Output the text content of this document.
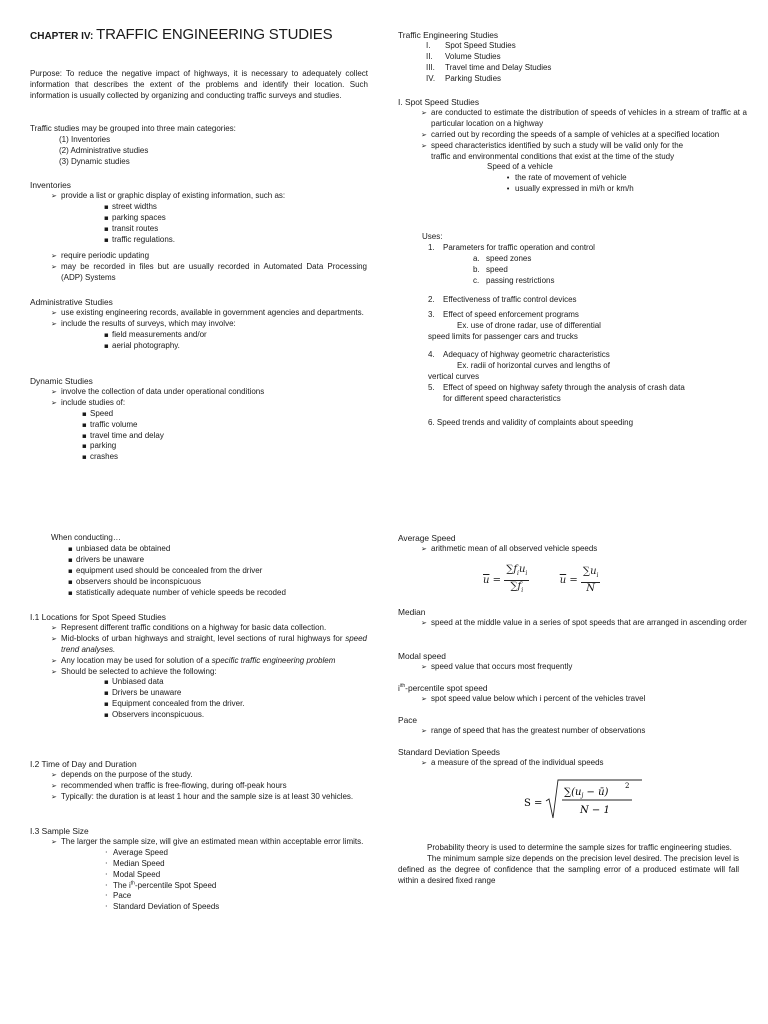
CHAPTER IV: TRAFFIC ENGINEERING STUDIES
Purpose: To reduce the negative impact of highways, it is necessary to adequately collect information that describes the extent of the problems and identify their location. Such information is usually collected by organizing and conducting traffic surveys and studies.
Traffic studies may be grouped into three main categories:
(1) Inventories
(2) Administrative studies
(3) Dynamic studies
Inventories
➢ provide a list or graphic display of existing information, such as:
▪ street widths
▪ parking spaces
▪ transit routes
▪ traffic regulations.
➢ require periodic updating
➢ may be recorded in files but are usually recorded in Automated Data Processing (ADP) Systems
Administrative Studies
➢ use existing engineering records, available in government agencies and departments.
➢ include the results of surveys, which may involve:
▪ field measurements and/or
▪ aerial photography.
Dynamic Studies
➢ involve the collection of data under operational conditions
➢ include studies of:
▪ Speed
▪ traffic volume
▪ travel time and delay
▪ parking
▪ crashes
Traffic Engineering Studies
I. Spot Speed Studies
II. Volume Studies
III. Travel time and Delay Studies
IV. Parking Studies
I. Spot Speed Studies
➢ are conducted to estimate the distribution of speeds of vehicles in a stream of traffic at a particular location on a highway
➢ carried out by recording the speeds of a sample of vehicles at a specified location
➢ speed characteristics identified by such a study will be valid only for the
traffic and environmental conditions that exist at the time of the study
Speed of a vehicle
• the rate of movement of vehicle
• usually expressed in mi/h or km/h
Uses:
1. Parameters for traffic operation and control
a. speed zones
b. speed
c. passing restrictions
2. Effectiveness of traffic control devices
3. Effect of speed enforcement programs
Ex. use of drone radar, use of differential
speed limits for passenger cars and trucks
4. Adequacy of highway geometric characteristics
Ex. radii of horizontal curves and lengths of
vertical curves
5. Effect of speed on highway safety through the analysis of crash data
for different speed characteristics
6. Speed trends and validity of complaints about speeding
When conducting…
▪ unbiased data be obtained
▪ drivers be unaware
▪ equipment used should be concealed from the driver
▪ observers should be inconspicuous
▪ statistically adequate number of vehicle speeds be recoded
I.1 Locations for Spot Speed Studies
➢ Represent different traffic conditions on a highway for basic data collection.
➢ Mid-blocks of urban highways and straight, level sections of rural highways for speed trend analyses.
➢ Any location may be used for solution of a specific traffic engineering problem
➢ Should be selected to achieve the following:
▪ Unbiased data
▪ Drivers be unaware
▪ Equipment concealed from the driver.
▪ Observers inconspicuous.
I.2 Time of Day and Duration
➢ depends on the purpose of the study.
➢ recommended when traffic is free-flowing, during off-peak hours
➢ Typically: the duration is at least 1 hour and the sample size is at least 30 vehicles.
I.3 Sample Size
➢ The larger the sample size, will give an estimated mean within acceptable error limits.
· Average Speed
· Median Speed
· Modal Speed
· The $i^{th}$-percentile Spot Speed
· Pace
· Standard Deviation of Speeds
Average Speed
➢ arithmetic mean of all observed vehicle speeds
$\overline{u} = \frac{\sum f_iu_i}{\sum f_i}$	$\overline{u} = \frac{\sum u_i}{N}$
Median
➢ speed at the middle value in a series of spot speeds that are arranged in ascending order
Modal speed
➢ speed value that occurs most frequently
$i^{ith}$-percentile spot speed
➢ spot speed value below which i percent of the vehicles travel
Pace
➢ range of speed that has the greatest number of observations
Standard Deviation Speeds
➢ a measure of the spread of the individual speeds
S =
$\sum(u_j$ − ū)
2
N − 1
Probability theory is used to determine the sample sizes for traffic engineering studies.
The minimum sample size depends on the precision level desired. The precision level is defined as the degree of confidence that the sampling error of a produced estimate will fall within a desired fixed range
